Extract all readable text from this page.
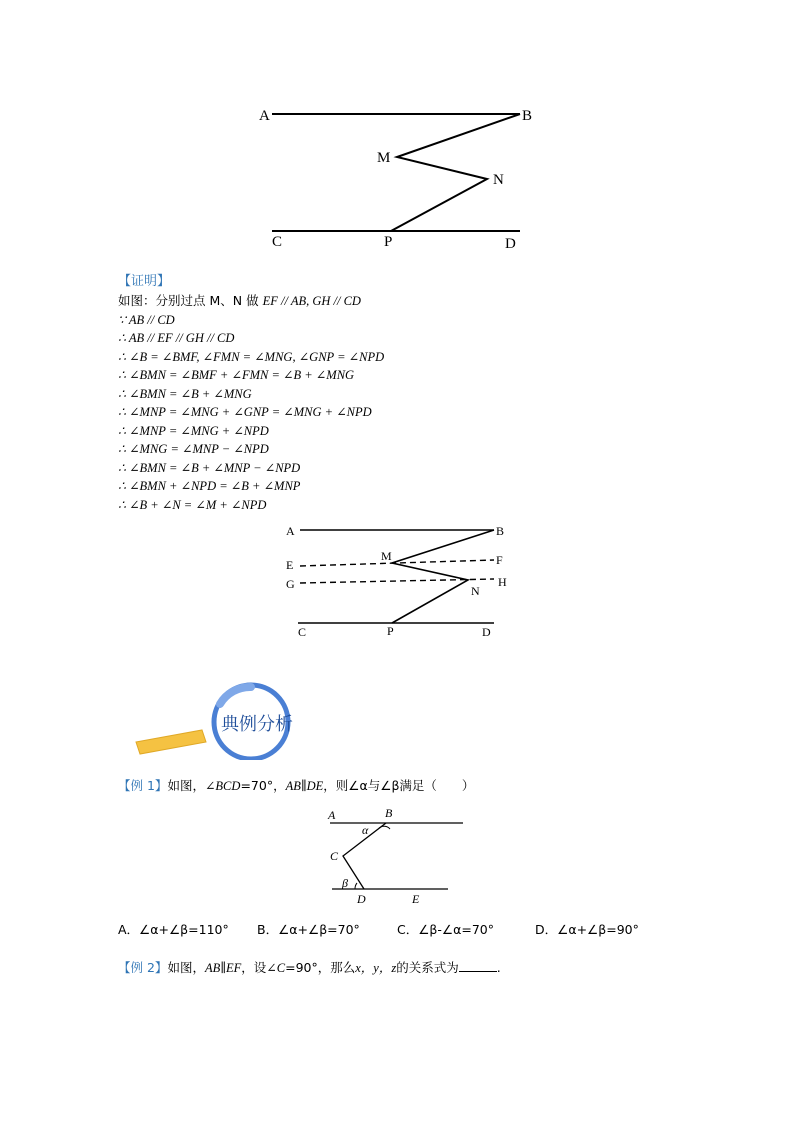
A	B
M
N
C	P	D
【证明】
如图：分别过点 M、N 做 EF // AB, GH // CD
∵ AB // CD
∴ AB // EF // GH // CD
∴ ∠B = ∠BMF, ∠FMN = ∠MNG, ∠GNP = ∠NPD
∴ ∠BMN = ∠BMF + ∠FMN = ∠B + ∠MNG
∴ ∠BMN = ∠B + ∠MNG
∴ ∠MNP = ∠MNG + ∠GNP = ∠MNG + ∠NPD
∴ ∠MNP = ∠MNG + ∠NPD
∴ ∠MNG = ∠MNP − ∠NPD
∴ ∠BMN = ∠B + ∠MNP − ∠NPD
∴ ∠BMN + ∠NPD = ∠B + ∠MNP
∴ ∠B + ∠N = ∠M + ∠NPD
A	B
E
M	F
G	H
N
C	P	D
典例分析
【例 1】如图，∠BCD=70°，AB∥DE，则∠α与∠β满足（　　）
A	B
α
C
β
D	E
A．∠α+∠β=110° B．∠α+∠β=70°	C．∠β-∠α=70°	D．∠α+∠β=90°
【例 2】如图，AB∥EF，设∠C=90°，那么x，y，z的关系式为	.
